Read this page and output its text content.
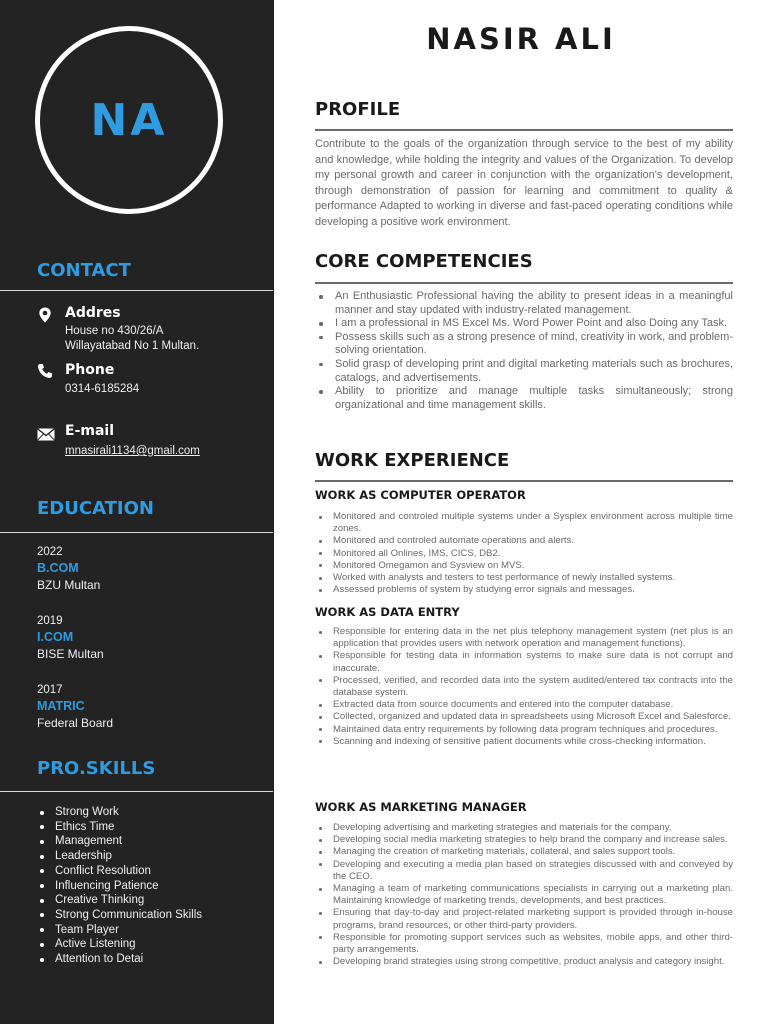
NA
CONTACT
Addres
House no 430/26/A
Willayatabad No 1 Multan.
Phone
0314-6185284
E-mail
mnasirali1134@gmail.com
EDUCATION
2022
B.COM
BZU Multan
2019
I.COM
BISE Multan
2017
MATRIC
Federal Board
PRO.SKILLS
Strong Work
Ethics Time
Management
Leadership
Conflict Resolution
Influencing Patience
Creative Thinking
Strong Communication Skills
Team Player
Active Listening
Attention to Detai
NASIR ALI
PROFILE

Contribute to the goals of the organization through service to the best of my ability and knowledge, while holding the integrity and values of the Organization. To develop my personal growth and career in conjunction with the organization's development, through demonstration of passion for learning and commitment to quality & performance Adapted to working in diverse and fast-paced operating conditions while developing a positive work environment.

CORE COMPETENCIES
An Enthusiastic Professional having the ability to present ideas in a meaningful manner and stay updated with industry-related management.
I am a professional in MS Excel Ms. Word Power Point and also Doing any Task.
Possess skills such as a strong presence of mind, creativity in work, and problem-solving orientation.
Solid grasp of developing print and digital marketing materials such as brochures, catalogs, and advertisements.
Ability to prioritize and manage multiple tasks simultaneously; strong organizational and time management skills.
WORK EXPERIENCE
WORK AS COMPUTER OPERATOR
Monitored and controled multiple systems under a Sysplex environment across multiple time zones.
Monitored and controled automate operations and alerts.
Monitored all Onlines, IMS, CICS, DB2.
Monitored Omegamon and Sysview on MVS.
Worked with analysts and testers to test performance of newly installed systems.
Assessed problems of system by studying error signals and messages.
WORK AS DATA ENTRY
Responsible for entering data in the net plus telephony management system (net plus is an application that provides users with network operation and management functions).
Responsible for testing data in information systems to make sure data is not corrupt and inaccurate.
Processed, verified, and recorded data into the system audited/entered tax contracts into the database system.
Extracted data from source documents and entered into the computer database.
Collected, organized and updated data in spreadsheets using Microsoft Excel and Salesforce.
Maintained data entry requirements by following data program techniques and procedures.
Scanning and indexing of sensitive patient documents while cross-checking information.
WORK AS MARKETING MANAGER
Developing advertising and marketing strategies and materials for the company.
Developing social media marketing strategies to help brand the company and increase sales.
Managing the creation of marketing materials, collateral, and sales support tools.
Developing and executing a media plan based on strategies discussed with and conveyed by the CEO.
Managing a team of marketing communications specialists in carrying out a marketing plan. Maintaining knowledge of marketing trends, developments, and best practices.
Ensuring that day-to-day and project-related marketing support is provided through in-house programs, brand resources, or other third-party providers.
Responsible for promoting support services such as websites, mobile apps, and other third-party arrangements.
Developing brand strategies using strong competitive, product analysis and category insight.
